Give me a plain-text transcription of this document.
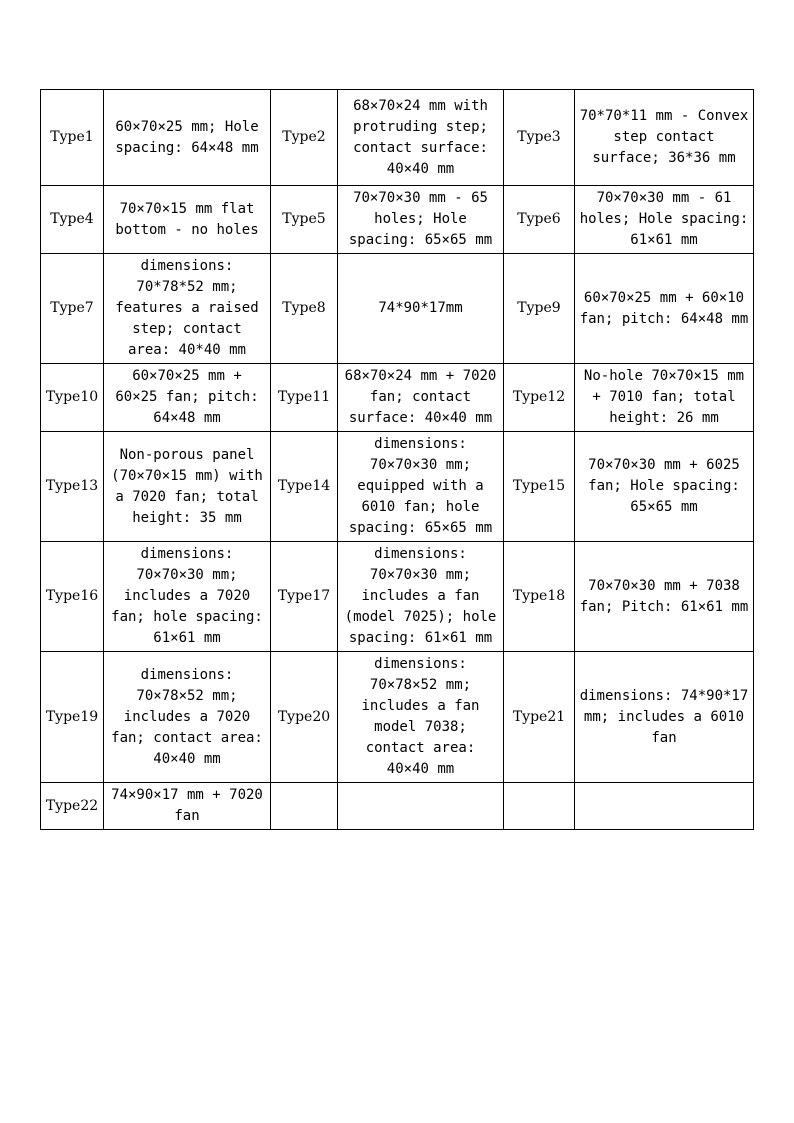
Type1	60×70×25 mm; Hole spacing: 64×48 mm	Type2	68×70×24 mm with protruding step; contact surface: 40×40 mm	Type3	70*70*11 mm - Convex step contact surface; 36*36 mm
Type4	70×70×15 mm flat bottom - no holes	Type5	70×70×30 mm - 65 holes; Hole spacing: 65×65 mm	Type6	70×70×30 mm - 61 holes; Hole spacing: 61×61 mm
Type7	dimensions: 70*78*52 mm; features a raised step; contact area: 40*40 mm	Type8	74*90*17mm	Type9	60×70×25 mm + 60×10 fan; pitch: 64×48 mm
Type10	60×70×25 mm + 60×25 fan; pitch: 64×48 mm	Type11	68×70×24 mm + 7020 fan; contact surface: 40×40 mm	Type12	No-hole 70×70×15 mm + 7010 fan; total height: 26 mm
Type13	Non-porous panel (70×70×15 mm) with a 7020 fan; total height: 35 mm	Type14	dimensions: 70×70×30 mm; equipped with a 6010 fan; hole spacing: 65×65 mm	Type15	70×70×30 mm + 6025 fan; Hole spacing: 65×65 mm
Type16	dimensions: 70×70×30 mm; includes a 7020 fan; hole spacing: 61×61 mm	Type17	dimensions: 70×70×30 mm; includes a fan (model 7025); hole spacing: 61×61 mm	Type18	70×70×30 mm + 7038 fan; Pitch: 61×61 mm
Type19	dimensions: 70×78×52 mm; includes a 7020 fan; contact area: 40×40 mm	Type20	dimensions: 70×78×52 mm; includes a fan model 7038; contact area: 40×40 mm	Type21	dimensions: 74*90*17 mm; includes a 6010 fan
Type22	74×90×17 mm + 7020 fan				
